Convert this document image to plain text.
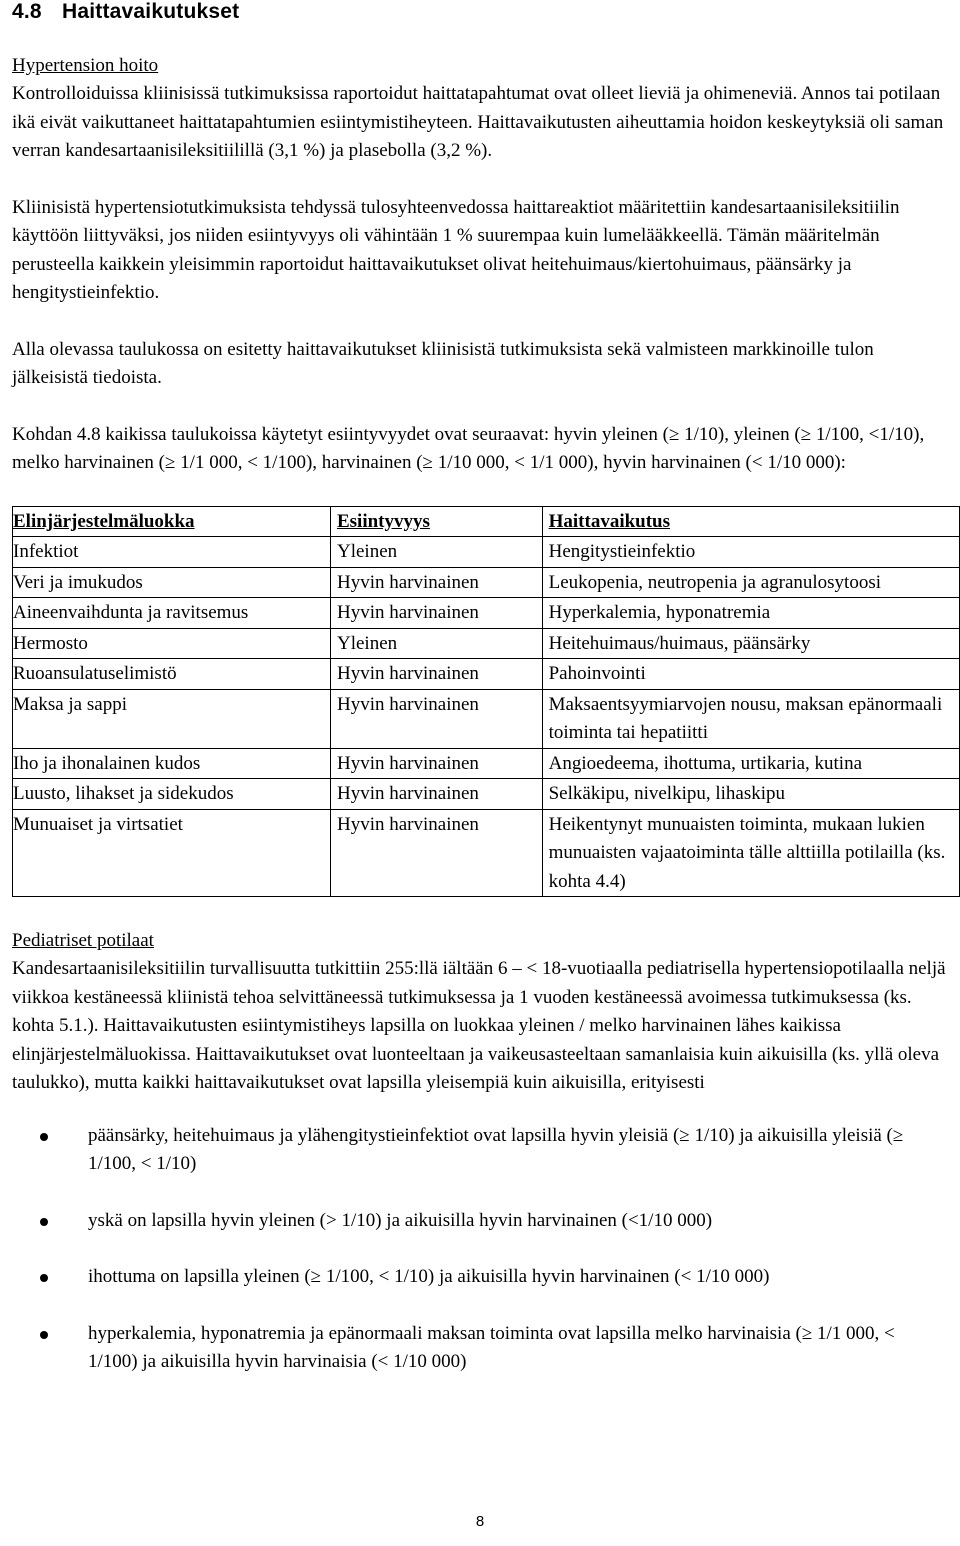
4.8 Haittavaikutukset

Hypertension hoito

Kontrolloiduissa kliinisissä tutkimuksissa raportoidut haittatapahtumat ovat olleet lieviä ja ohimeneviä. Annos tai potilaan ikä eivät vaikuttaneet haittatapahtumien esiintymistiheyteen. Haittavaikutusten aiheuttamia hoidon keskeytyksiä oli saman verran kandesartaanisileksitiilillä (3,1 %) ja plasebolla (3,2 %).

Kliinisistä hypertensiotutkimuksista tehdyssä tulosyhteenvedossa haittareaktiot määritettiin kandesartaanisileksitiilin käyttöön liittyväksi, jos niiden esiintyvyys oli vähintään 1 % suurempaa kuin lumelääkkeellä. Tämän määritelmän perusteella kaikkein yleisimmin raportoidut haittavaikutukset olivat heitehuimaus/kiertohuimaus, päänsärky ja hengitystieinfektio.

Alla olevassa taulukossa on esitetty haittavaikutukset kliinisistä tutkimuksista sekä valmisteen markkinoille tulon jälkeisistä tiedoista.

Kohdan 4.8 kaikissa taulukoissa käytetyt esiintyvyydet ovat seuraavat: hyvin yleinen (≥ 1/10), yleinen (≥ 1/100, <1/10), melko harvinainen (≥ 1/1 000, < 1/100), harvinainen (≥ 1/10 000, < 1/1 000), hyvin harvinainen (< 1/10 000):

Elinjärjestelmäluokka	Esiintyvyys	Haittavaikutus
Infektiot	Yleinen	Hengitystieinfektio
Veri ja imukudos	Hyvin harvinainen	Leukopenia, neutropenia ja agranulosytoosi
Aineenvaihdunta ja ravitsemus	Hyvin harvinainen	Hyperkalemia, hyponatremia
Hermosto	Yleinen	Heitehuimaus/huimaus, päänsärky
Ruoansulatuselimistö	Hyvin harvinainen	Pahoinvointi
Maksa ja sappi	Hyvin harvinainen	Maksaentsyymiarvojen nousu, maksan epänormaali toiminta tai hepatiitti
Iho ja ihonalainen kudos	Hyvin harvinainen	Angioedeema, ihottuma, urtikaria, kutina
Luusto, lihakset ja sidekudos	Hyvin harvinainen	Selkäkipu, nivelkipu, lihaskipu
Munuaiset ja virtsatiet	Hyvin harvinainen	Heikentynyt munuaisten toiminta, mukaan lukien munuaisten vajaatoiminta tälle alttiilla potilailla (ks. kohta 4.4)

Pediatriset potilaat

Kandesartaanisileksitiilin turvallisuutta tutkittiin 255:llä iältään 6 – < 18-vuotiaalla pediatrisella hypertensiopotilaalla neljä viikkoa kestäneessä kliinistä tehoa selvittäneessä tutkimuksessa ja 1 vuoden kestäneessä avoimessa tutkimuksessa (ks. kohta 5.1.). Haittavaikutusten esiintymistiheys lapsilla on luokkaa yleinen / melko harvinainen lähes kaikissa elinjärjestelmäluokissa. Haittavaikutukset ovat luonteeltaan ja vaikeusasteeltaan samanlaisia kuin aikuisilla (ks. yllä oleva taulukko), mutta kaikki haittavaikutukset ovat lapsilla yleisempiä kuin aikuisilla, erityisesti

päänsärky, heitehuimaus ja ylähengitystieinfektiot ovat lapsilla hyvin yleisiä (≥ 1/10) ja aikuisilla yleisiä (≥ 1/100, < 1/10)
yskä on lapsilla hyvin yleinen (> 1/10) ja aikuisilla hyvin harvinainen (<1/10 000)
ihottuma on lapsilla yleinen (≥ 1/100, < 1/10) ja aikuisilla hyvin harvinainen (< 1/10 000)
hyperkalemia, hyponatremia ja epänormaali maksan toiminta ovat lapsilla melko harvinaisia (≥ 1/1 000, < 1/100) ja aikuisilla hyvin harvinaisia (< 1/10 000)
8
